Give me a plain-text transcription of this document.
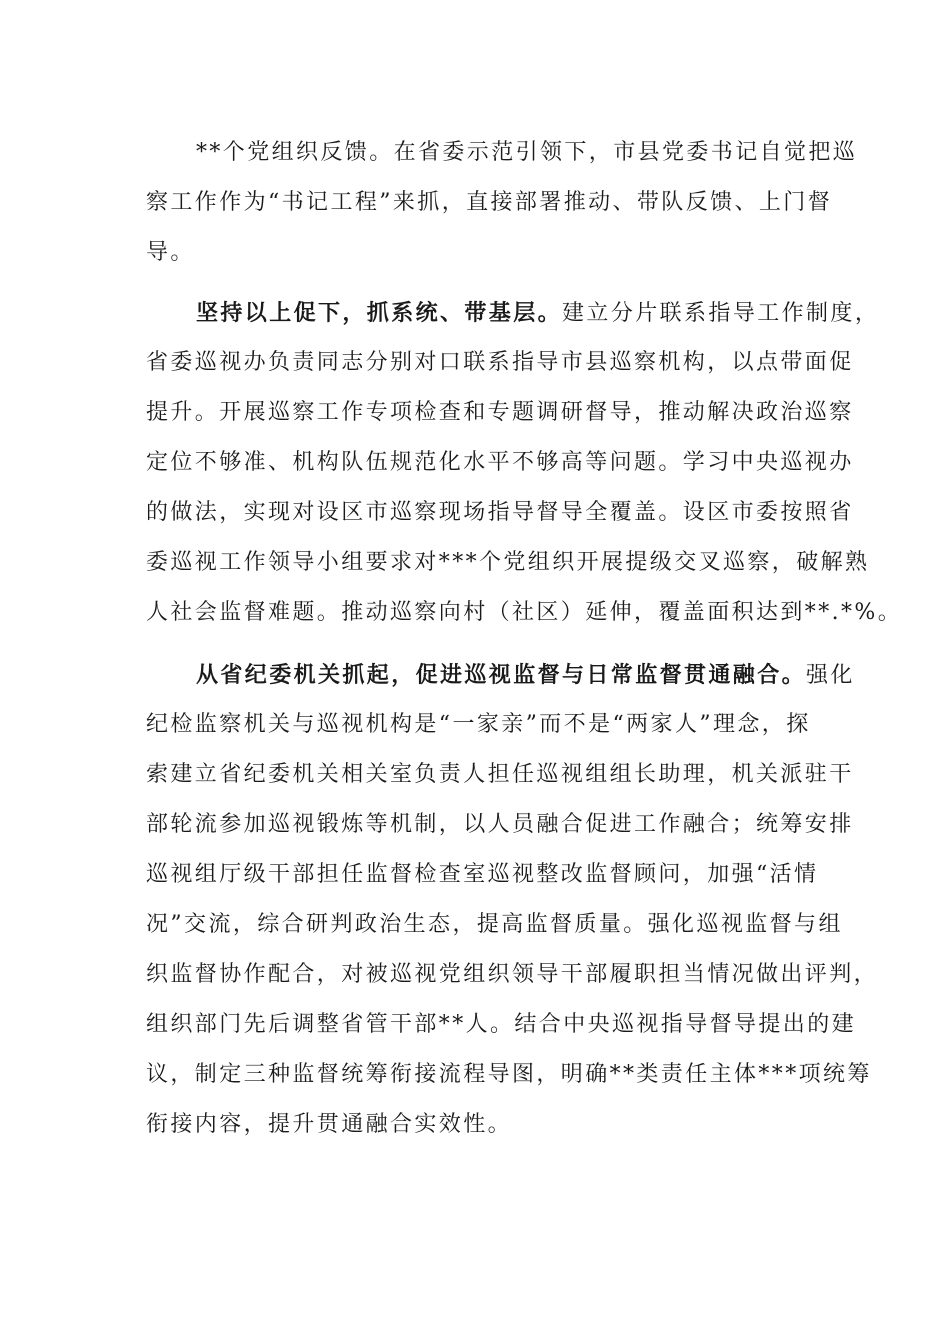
**个党组织反馈。在省委示范引领下，市县党委书记自觉把巡
察工作作为“书记工程”来抓，直接部署推动、带队反馈、上门督
导。
坚持以上促下，抓系统、带基层。建立分片联系指导工作制度，
省委巡视办负责同志分别对口联系指导市县巡察机构，以点带面促
提升。开展巡察工作专项检查和专题调研督导，推动解决政治巡察
定位不够准、机构队伍规范化水平不够高等问题。学习中央巡视办
的做法，实现对设区市巡察现场指导督导全覆盖。设区市委按照省
委巡视工作领导小组要求对***个党组织开展提级交叉巡察，破解熟
人社会监督难题。推动巡察向村（社区）延伸，覆盖面积达到**.*%。
从省纪委机关抓起，促进巡视监督与日常监督贯通融合。强化
纪检监察机关与巡视机构是“一家亲”而不是“两家人”理念，探
索建立省纪委机关相关室负责人担任巡视组组长助理，机关派驻干
部轮流参加巡视锻炼等机制，以人员融合促进工作融合；统筹安排
巡视组厅级干部担任监督检查室巡视整改监督顾问，加强“活情
况”交流，综合研判政治生态，提高监督质量。强化巡视监督与组
织监督协作配合，对被巡视党组织领导干部履职担当情况做出评判，
组织部门先后调整省管干部**人。结合中央巡视指导督导提出的建
议，制定三种监督统筹衔接流程导图，明确**类责任主体***项统筹
衔接内容，提升贯通融合实效性。
